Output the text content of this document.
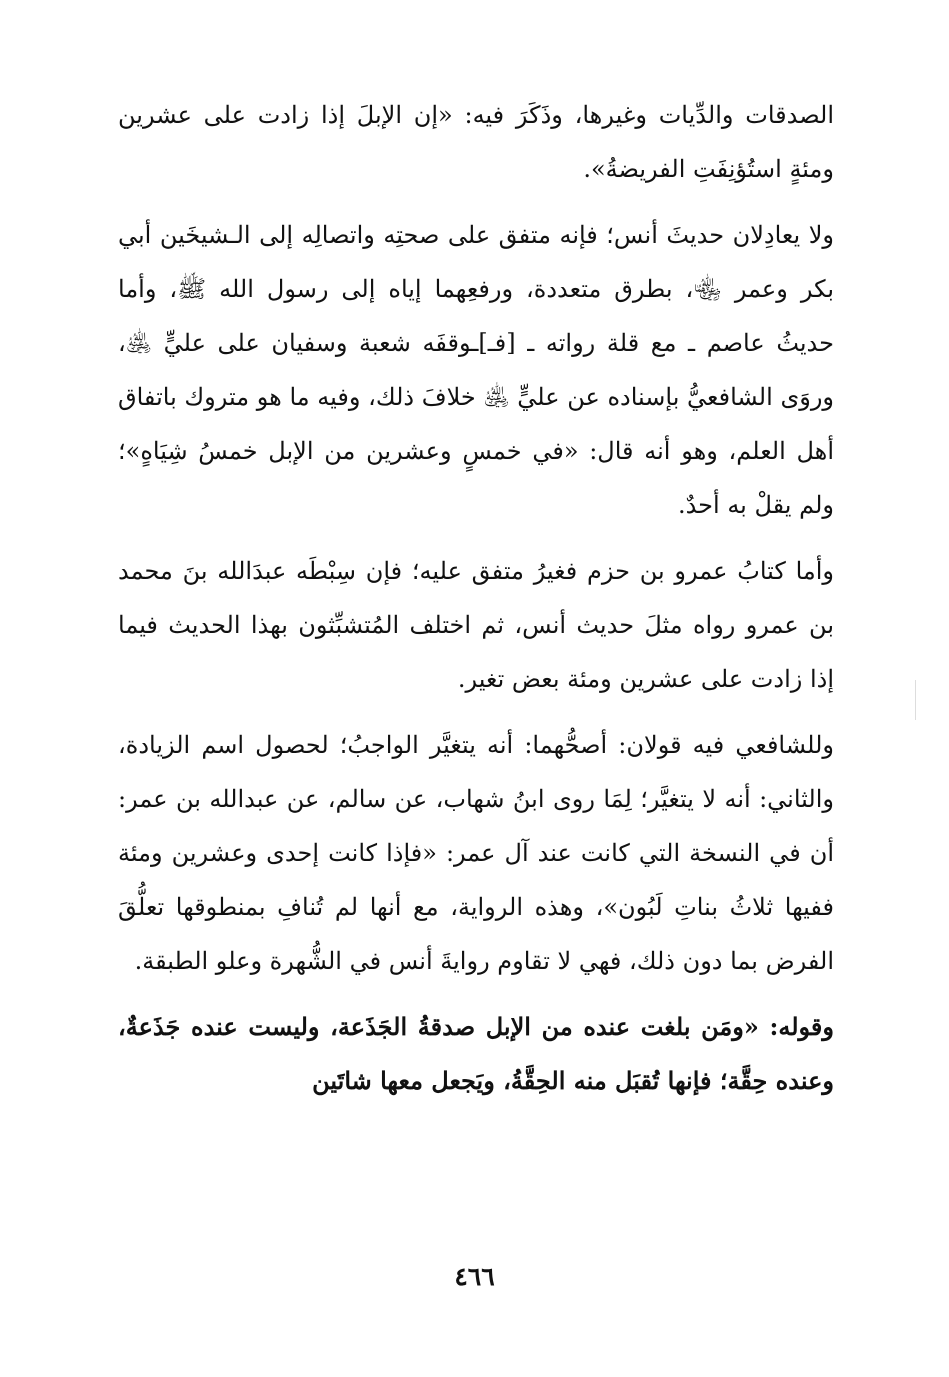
الصدقات والدِّيات وغيرها، وذَكَرَ فيه: «إن الإبلَ إذا زادت على عشرين ومئةٍ استُؤنِفَتِ الفريضةُ».

ولا يعادِلان حديثَ أنس؛ فإنه متفق على صحتِه واتصالِه إلى الـشيخَين أبي بكر وعمر ﵄، بطرق متعددة، ورفعِهما إياه إلى رسول الله ﷺ، وأما حديثُ عاصم ـ مع قلة رواته ـ [فـ]ـوقفَه شعبة وسفيان على عليٍّ ﵁، وروَى الشافعيُّ بإسناده عن عليٍّ ﵁ خلافَ ذلك، وفيه ما هو متروك باتفاق أهل العلم، وهو أنه قال: «في خمسٍ وعشرين من الإبل خمسُ شِيَاهٍ»؛ ولم يقلْ به أحدٌ.

وأما كتابُ عمرو بن حزم فغيرُ متفق عليه؛ فإن سِبْطَه عبدَالله بنَ محمد بن عمرو رواه مثلَ حديث أنس، ثم اختلف المُتشبِّثون بهذا الحديث فيما إذا زادت على عشرين ومئة بعض تغير.

وللشافعي فيه قولان: أصحُّهما: أنه يتغيَّر الواجبُ؛ لحصول اسم الزيادة، والثاني: أنه لا يتغيَّر؛ لِمَا روى ابنُ شهاب، عن سالم، عن عبدالله بن عمر: أن في النسخة التي كانت عند آل عمر: «فإذا كانت إحدى وعشرين ومئة ففيها ثلاثُ بناتِ لَبُون»، وهذه الرواية، مع أنها لم تُنافِ بمنطوقها تعلُّقَ الفرض بما دون ذلك، فهي لا تقاوم روايةَ أنس في الشُّهرة وعلو الطبقة.

وقوله: «ومَن بلغت عنده من الإبل صدقةُ الجَذَعة، وليست عنده جَذَعةٌ، وعنده حِقَّة؛ فإنها تُقبَل منه الحِقَّةُ، ويَجعل معها شاتَين

٤٦٦
